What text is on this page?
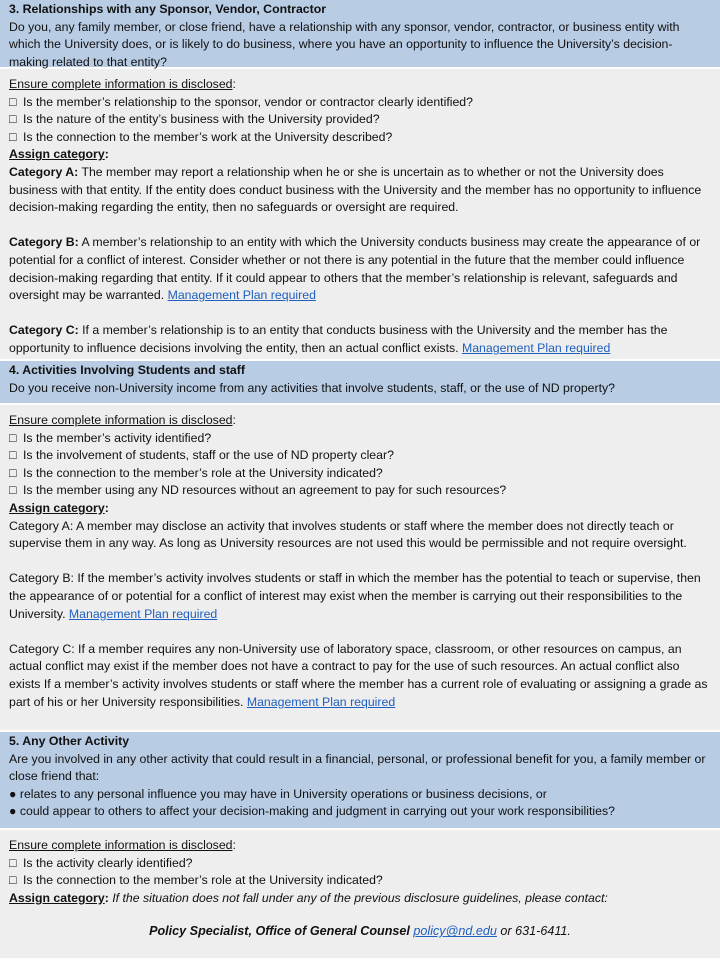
3. Relationships with any Sponsor, Vendor, Contractor
Do you, any family member, or close friend, have a relationship with any sponsor, vendor, contractor, or business entity with which the University does, or is likely to do business, where you have an opportunity to influence the University’s decision-making related to that entity?
Ensure complete information is disclosed:
□ Is the member’s relationship to the sponsor, vendor or contractor clearly identified?
□ Is the nature of the entity’s business with the University provided?
□ Is the connection to the member’s work at the University described?
Assign category:
Category A: The member may report a relationship when he or she is uncertain as to whether or not the University does business with that entity. If the entity does conduct business with the University and the member has no opportunity to influence decision-making regarding the entity, then no safeguards or oversight are required.
Category B: A member’s relationship to an entity with which the University conducts business may create the appearance of or potential for a conflict of interest. Consider whether or not there is any potential in the future that the member could influence decision-making regarding that entity. If it could appear to others that the member’s relationship is relevant, safeguards and oversight may be warranted. Management Plan required
Category C: If a member’s relationship is to an entity that conducts business with the University and the member has the opportunity to influence decisions involving the entity, then an actual conflict exists. Management Plan required
4. Activities Involving Students and staff
Do you receive non-University income from any activities that involve students, staff, or the use of ND property?
Ensure complete information is disclosed:
□ Is the member’s activity identified?
□ Is the involvement of students, staff or the use of ND property clear?
□ Is the connection to the member’s role at the University indicated?
□ Is the member using any ND resources without an agreement to pay for such resources?
Assign category:
Category A: A member may disclose an activity that involves students or staff where the member does not directly teach or supervise them in any way. As long as University resources are not used this would be permissible and not require oversight.
Category B: If the member’s activity involves students or staff in which the member has the potential to teach or supervise, then the appearance of or potential for a conflict of interest may exist when the member is carrying out their responsibilities to the University. Management Plan required
Category C: If a member requires any non-University use of laboratory space, classroom, or other resources on campus, an actual conflict may exist if the member does not have a contract to pay for the use of such resources. An actual conflict also exists If a member’s activity involves students or staff where the member has a current role of evaluating or assigning a grade as part of his or her University responsibilities. Management Plan required
5. Any Other Activity
Are you involved in any other activity that could result in a financial, personal, or professional benefit for you, a family member or close friend that:
● relates to any personal influence you may have in University operations or business decisions, or
● could appear to others to affect your decision-making and judgment in carrying out your work responsibilities?
Ensure complete information is disclosed:
□ Is the activity clearly identified?
□ Is the connection to the member’s role at the University indicated?
Assign category: If the situation does not fall under any of the previous disclosure guidelines, please contact:
Policy Specialist, Office of General Counsel policy@nd.edu or 631-6411.
